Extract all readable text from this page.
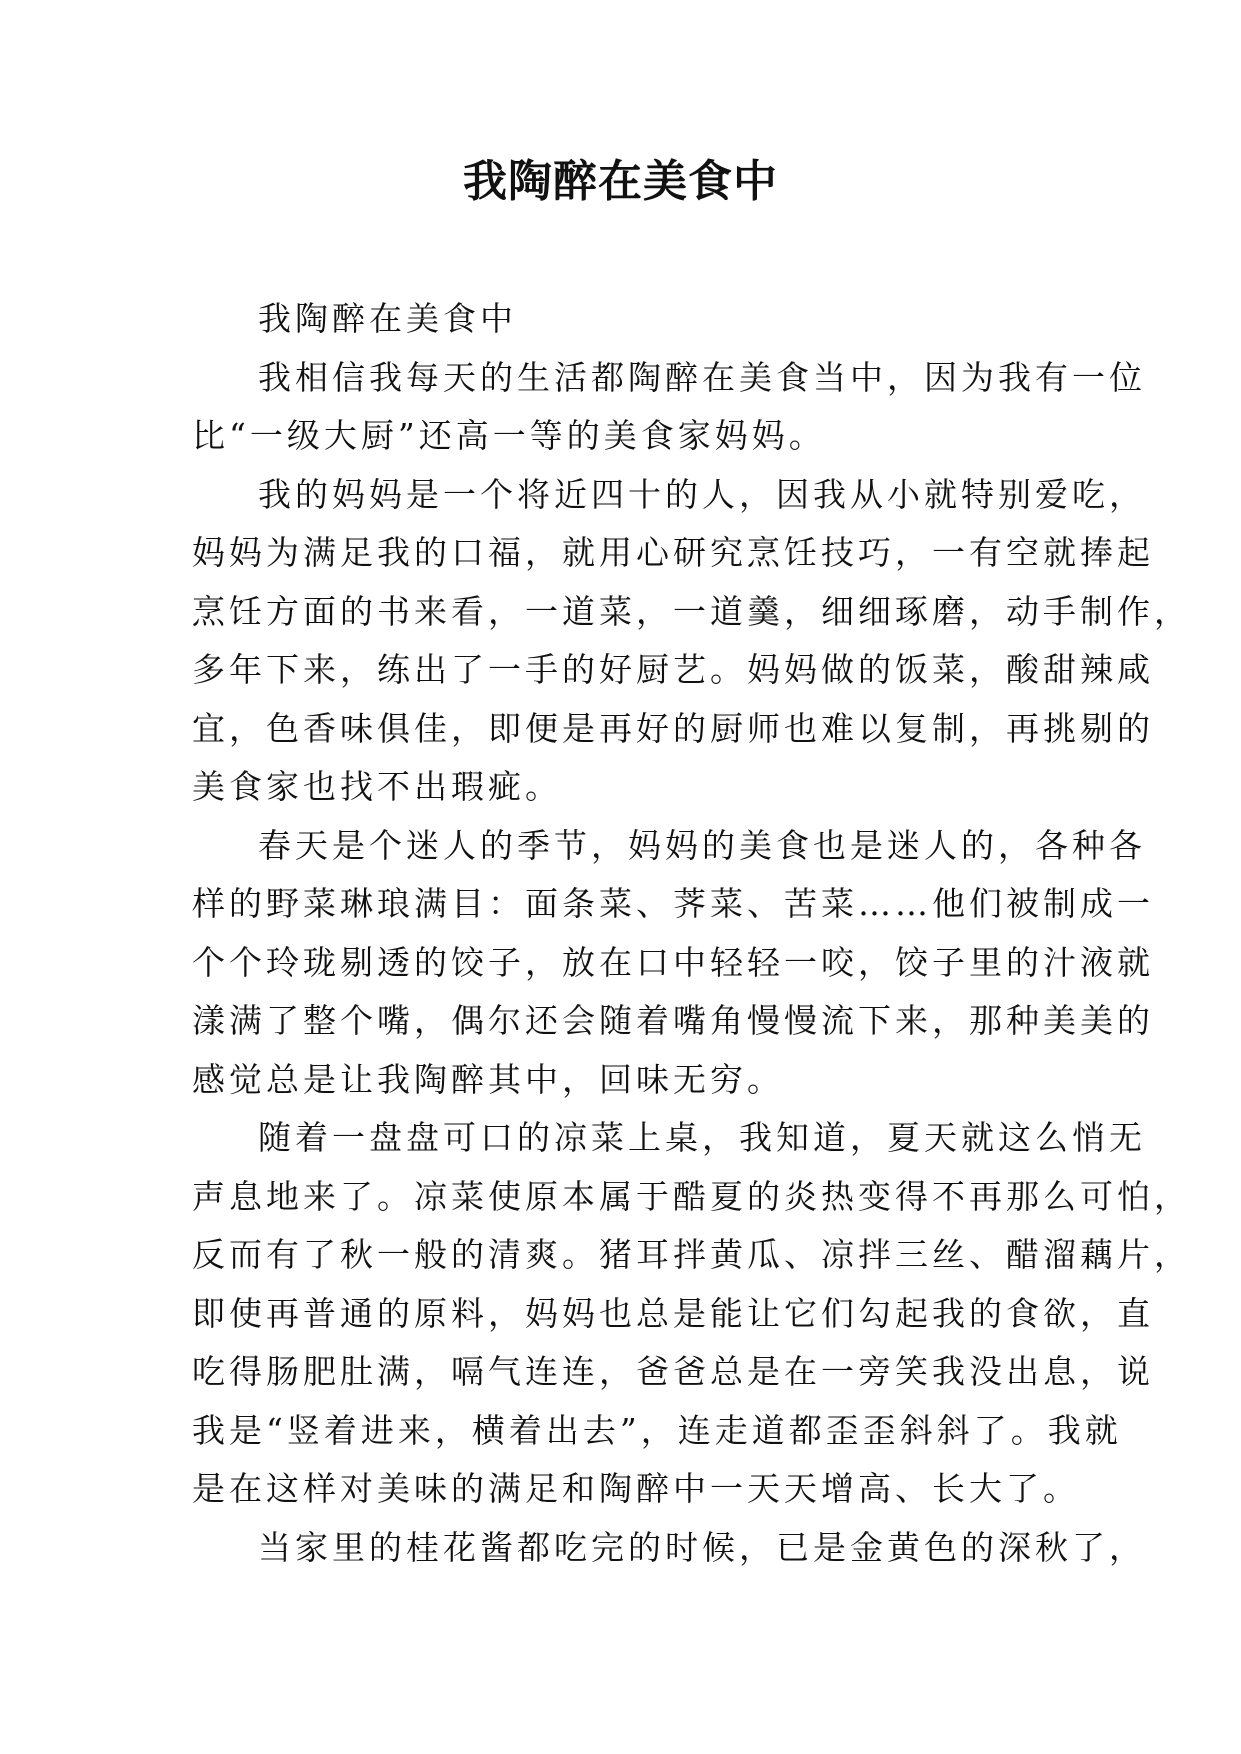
我陶醉在美食中

我陶醉在美食中

我相信我每天的生活都陶醉在美食当中，因为我有一位
比“一级大厨”还高一等的美食家妈妈。

我的妈妈是一个将近四十的人，因我从小就特别爱吃，
妈妈为满足我的口福，就用心研究烹饪技巧，一有空就捧起
烹饪方面的书来看，一道菜，一道羹，细细琢磨，动手制作，
多年下来，练出了一手的好厨艺。妈妈做的饭菜，酸甜辣咸
宜，色香味俱佳，即便是再好的厨师也难以复制，再挑剔的
美食家也找不出瑕疵。

春天是个迷人的季节，妈妈的美食也是迷人的，各种各
样的野菜琳琅满目：面条菜、荠菜、苦菜……他们被制成一
个个玲珑剔透的饺子，放在口中轻轻一咬，饺子里的汁液就
漾满了整个嘴，偶尔还会随着嘴角慢慢流下来，那种美美的
感觉总是让我陶醉其中，回味无穷。

随着一盘盘可口的凉菜上桌，我知道，夏天就这么悄无
声息地来了。凉菜使原本属于酷夏的炎热变得不再那么可怕，
反而有了秋一般的清爽。猪耳拌黄瓜、凉拌三丝、醋溜藕片，
即使再普通的原料，妈妈也总是能让它们勾起我的食欲，直
吃得肠肥肚满，嗝气连连，爸爸总是在一旁笑我没出息，说
我是“竖着进来，横着出去”，连走道都歪歪斜斜了。我就
是在这样对美味的满足和陶醉中一天天增高、长大了。

当家里的桂花酱都吃完的时候，已是金黄色的深秋了，
